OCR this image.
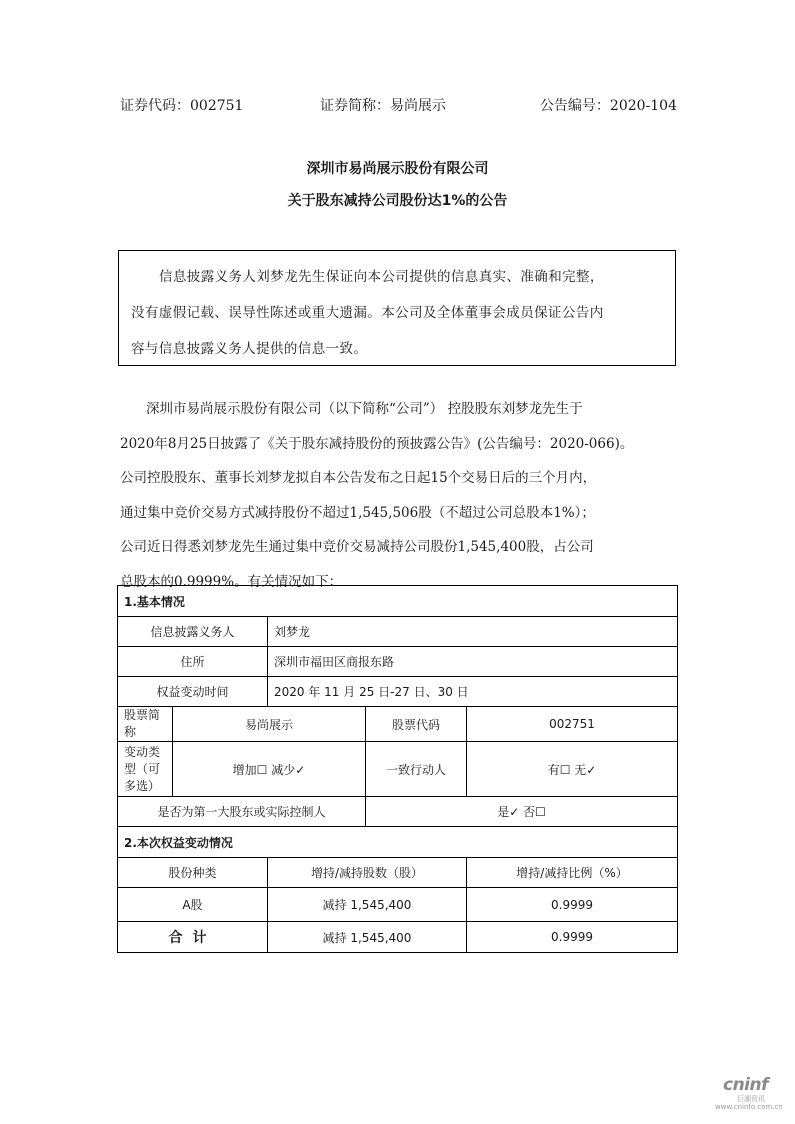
证券代码：002751	证券简称：易尚展示	公告编号：2020-104
深圳市易尚展示股份有限公司
关于股东减持公司股份达1%的公告
信息披露义务人刘梦龙先生保证向本公司提供的信息真实、准确和完整，
没有虚假记载、误导性陈述或重大遗漏。本公司及全体董事会成员保证公告内
容与信息披露义务人提供的信息一致。
深圳市易尚展示股份有限公司（以下简称“公司”） 控股股东刘梦龙先生于
2020年8月25日披露了《关于股东减持股份的预披露公告》(公告编号：2020-066)。
公司控股股东、董事长刘梦龙拟自本公告发布之日起15个交易日后的三个月内，
通过集中竞价交易方式减持股份不超过1,545,506股（不超过公司总股本1%）；
公司近日得悉刘梦龙先生通过集中竞价交易减持公司股份1,545,400股，占公司
总股本的0.9999%。有关情况如下：
1.基本情况				
信息披露义务人		刘梦龙		
住所		深圳市福田区商报东路		
权益变动时间		2020 年 11 月 25 日-27 日、30 日		
股票简称	易尚展示		股票代码	002751
变动类型（可多选）	增加☐ 减少✓		一致行动人	有☐ 无✓
是否为第一大股东或实际控制人			是✓ 否☐	
2.本次权益变动情况				
股份种类		增持/减持股数（股）		增持/减持比例（%）
A股		减持 1,545,400		0.9999
合计		减持 1,545,400		0.9999
cninf
巨潮资讯
www.cninfo.com.cn
